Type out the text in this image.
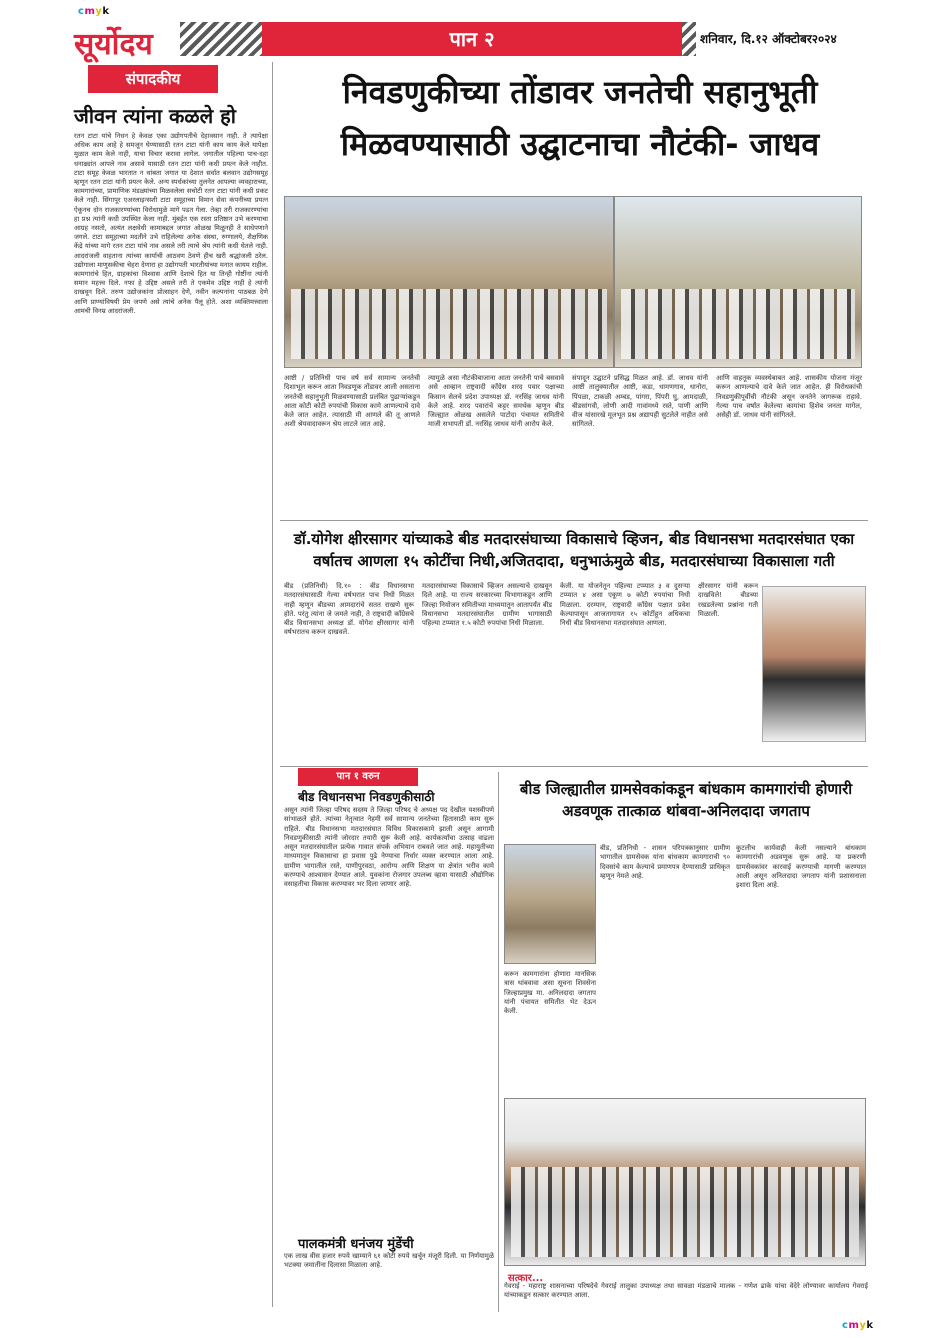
cmyk
सूर्योदय	पान २	शनिवार, दि.१२ ऑक्टोबर२०२४
संपादकीय
जीवन त्यांना कळले हो
रतन टाटा यांचे निधन हे केवळ एका उद्योगपतीचे देहावसान नाही. ते त्यापेक्षा अधिक काम आहे हे समजून घेण्यासाठी रतन टाटा यांनी काय काय केले यापेक्षा मुळात काम केले नाही, याचा विचार करावा लागेल. जगातील पहिल्या पाच-दहा धनाढ्यांत आपले नाव असावे यासाठी रतन टाटा यांनी कधी प्रयत्न केले नाहीत. टाटा समूह केवळ भारतात न थांबता जगात या देशात सर्वात बलवान उद्योगसमूह म्हणून रतन टाटा यांनी प्रयत्न केले. अन्य स्पर्धकांच्या तुलनेत आपल्या व्यवहाराच्या, कामगारांच्या, प्रामाणिक मंडळ्यांच्या मिळवलेला सचोटी रतन टाटा यांनी कधी प्रकट केले नाही. सिंगापूर एअरलाइन्सशी टाटा समूहाच्या विमान सेवा कंपनीच्या प्रयत्न ऐकूनच दोन राजकारण्यांच्या विरोधामुळे मागे पडत गेला. तेव्हा तरी राजकारण्यांचा हा प्रश्न त्यांनी कधी उपस्थित केला नाही. मुंबईत एक रस्ता प्रतिष्ठान उभे करण्याचा आग्रह नसतो, अत्यंत लक्षवेधी कामाबद्दल जगात ओळख मिळूनही ते साधेपणाने जगले. टाटा समूहाच्या मदतीने उभे राहिलेल्या अनेक संस्था, रुग्णालये, शैक्षणिक केंद्रे यांच्या मागे रतन टाटा यांचे नाव असले तरी त्याचे श्रेय त्यांनी कधी घेतले नाही. आदरांजली वाहताना त्यांच्या कार्याची आठवण ठेवणे हीच खरी श्रद्धांजली ठरेल. उद्योगाला माणुसकीचा चेहरा देणारा हा उद्योगपती भारतीयांच्या मनात कायम राहील. कामगारांचे हित, ग्राहकांचा विश्वास आणि देशाचे हित या तिन्ही गोष्टींना त्यांनी समान महत्त्व दिले. नफा हे उद्दिष्ट असले तरी ते एकमेव उद्दिष्ट नाही हे त्यांनी दाखवून दिले. तरुण उद्योजकांना प्रोत्साहन देणे, नवीन कल्पनांना पाठबळ देणे आणि प्राण्यांविषयी प्रेम जपणे असे त्यांचे अनेक पैलू होते. अशा व्यक्तिमत्त्वाला आमची विनम्र आदरांजली.
निवडणुकीच्या तोंडावर जनतेची सहानुभूती
मिळवण्यासाठी उद्घाटनाचा नौटंकी- जाधव
आष्टी / प्रतिनिधी पाच वर्ष सर्व सामान्य जनतेची दिशाभूल करून आता निवडणूक तोंडावर आली असताना जनतेची सहानुभूती मिळवण्यासाठी प्रलंबित पुढाऱ्यांकडून आता कोटी कोटी रुपयांची विकास कामे आणल्याचे दावे केले जात आहेत. त्यासाठी मी आणले की तू आणले अशी श्रेयवादावरून श्रेय लाटले जात आहे.
त्यामुळे असा नौटंकीबाजाना आता जनतेनी पाचे बसवावे असे आव्हान राष्ट्रवादी काँग्रेस शरद पवार पक्षाच्या किसान सेलचे प्रदेश उपाध्यक्ष डॉ. नरसिंह जाधव यांनी केले आहे. शरद पवारांचे कट्टर समर्थक म्हणून बीड जिल्ह्यात ओळख असलेले पाटोदा पंचायत समितीचे माजी सभापती डॉ. नरसिंह जाधव यांनी आरोप केले.
संपादून उद्घाटने प्रसिद्ध मिळत आहे. डॉ. जाधव यांनी आष्टी तालुक्यातील आष्टी, कडा, धामणगाव, धानोरा, पिंपळा, टाकळी अम्बड, पांगरा, पिंपरी घु, आमदाळी, बीडसांगवी, लोणी आदी गावांमध्ये रस्ते, पाणी आणि वीज यांसारखे मूलभूत प्रश्न अद्यापही सुटलेले नाहीत असे सांगितले.
आणि वाहतूक व्यवस्थेबाबत आहे. शासकीय योजना मंजूर करून आणल्याचे दावे केले जात आहेत. ही विरोधकांची निवडणुकीपूर्वीची नौटंकी असून जनतेने जागरूक राहावे. गेल्या पाच वर्षांत केलेल्या कामांचा हिशेब जनता मागेल, असेही डॉ. जाधव यांनी सांगितले.
डॉ.योगेश क्षीरसागर यांच्याकडे बीड मतदारसंघाच्या विकासाचे व्हिजन, बीड विधानसभा मतदारसंघात एका वर्षातच आणला १५ कोटींचा निधी,अजितदादा, धनुभाऊंमुळे बीड, मतदारसंघाच्या विकासाला गती
बीड (प्रतिनिधी) दि.१० : बीड विधानसभा मतदारसंघासाठी गेल्या वर्षभरात पाच निधी मिळत नाही म्हणून बीडच्या आमदारांचे सतत राखणे सुरू होते. परंतु त्यांना जे जमले नाही, ते राष्ट्रवादी काँग्रेसचे बीड विधानसभा अध्यक्ष डॉ. योगेश क्षीरसागर यांनी वर्षभरातच करून दाखवले.
मतदारसंघाच्या विकासाचे व्हिजन असल्याचे दाखवून दिले आहे. या राज्य सरकारच्या विभागाकडून आणि जिल्हा नियोजन समितीच्या माध्यमातून आतापर्यंत बीड विधानसभा मतदारसंघातील ग्रामीण भागासाठी पहिल्या टप्प्यात १.५ कोटी रुपयांचा निधी मिळाला.
केली. या योजनेतून पहिल्या टप्प्यात ३ व दुसऱ्या टप्प्यात ४ असा एकूण ७ कोटी रुपयांचा निधी मिळाला. दरम्यान, राष्ट्रवादी काँग्रेस पक्षात प्रवेश केल्यापासून आजतागायत १५ कोटींहून अधिकचा निधी बीड विधानसभा मतदारसंघात आणला.
क्षीरसागर यांनी करून दाखविले! बीडच्या रखडलेल्या प्रश्नांना गती मिळाली.
पान १ वरुन
बीड विधानसभा निवडणुकीसाठी
असून त्यांनी जिल्हा परिषद सदस्य ते जिल्हा परिषद चे अध्यक्ष पद देखील यशस्वीपणे सांभाळले होते. त्यांच्या नेतृत्वात नेहमी सर्व सामान्य जनतेच्या हितासाठी काम सुरू राहिले. बीड विधानसभा मतदारसंघात विविध विकासकामे झाली असून आगामी निवडणुकीसाठी त्यांनी जोरदार तयारी सुरू केली आहे. कार्यकर्त्यांचा उत्साह वाढला असून मतदारसंघातील प्रत्येक गावात संपर्क अभियान राबवले जात आहे. महायुतीच्या माध्यमातून विकासाचा हा प्रवास पुढे नेण्याचा निर्धार व्यक्त करण्यात आला आहे. ग्रामीण भागातील रस्ते, पाणीपुरवठा, आरोग्य आणि शिक्षण या क्षेत्रांत भरीव कामे करण्याचे आश्वासन देण्यात आले. युवकांना रोजगार उपलब्ध व्हावा यासाठी औद्योगिक वसाहतीचा विकास करण्यावर भर दिला जाणार आहे.
पालकमंत्री धनंजय मुंडेंची
एक लाख वीस हजार रुपये खाम्याने ६१ कोटी रुपये खर्चून मंजूरी दिली. या निर्णयामुळे भटक्या जमातींना दिलासा मिळाला आहे.
बीड जिल्ह्यातील ग्रामसेवकांकडून बांधकाम कामगारांची होणारी अडवणूक तात्काळ थांबवा-अनिलदादा जगताप
करून कामगारांना होणारा मानसिक त्रास थांबवावा असा सूचना शिवसेना जिल्हाप्रमुख मा. अनिलदादा जगताप यांनी पंचायत समितीत भेट देऊन केली.
बीड, प्रतिनिधी - शासन परिपत्रकानुसार ग्रामीण भागातील ग्रामसेवक यांना बांधकाम कामगाराची ९० दिवसांचे काम केल्याचे प्रमाणपत्र देण्यासाठी प्राधिकृत म्हणून नेमले आहे.
कुटलीच कार्यवाही केली नसल्याने बांधकाम कामगारांची अडवणूक सुरू आहे. या प्रकरणी ग्रामसेवकांवर कारवाई करण्याची मागणी करण्यात आली असून अनिलदादा जगताप यांनी प्रशासनाला इशारा दिला आहे.
सत्कार...
गेवराई - महाराष्ट्र शासनाच्या परिषदेचे गेवराई तालुका उपाध्यक्ष तथा सावळा मंडळाचे मालक - गणेश ढाके यांचा वेदेरे लोण्यावर कार्यालय गेवराई यांच्याकडून सत्कार करण्यात आला.
cmyk
